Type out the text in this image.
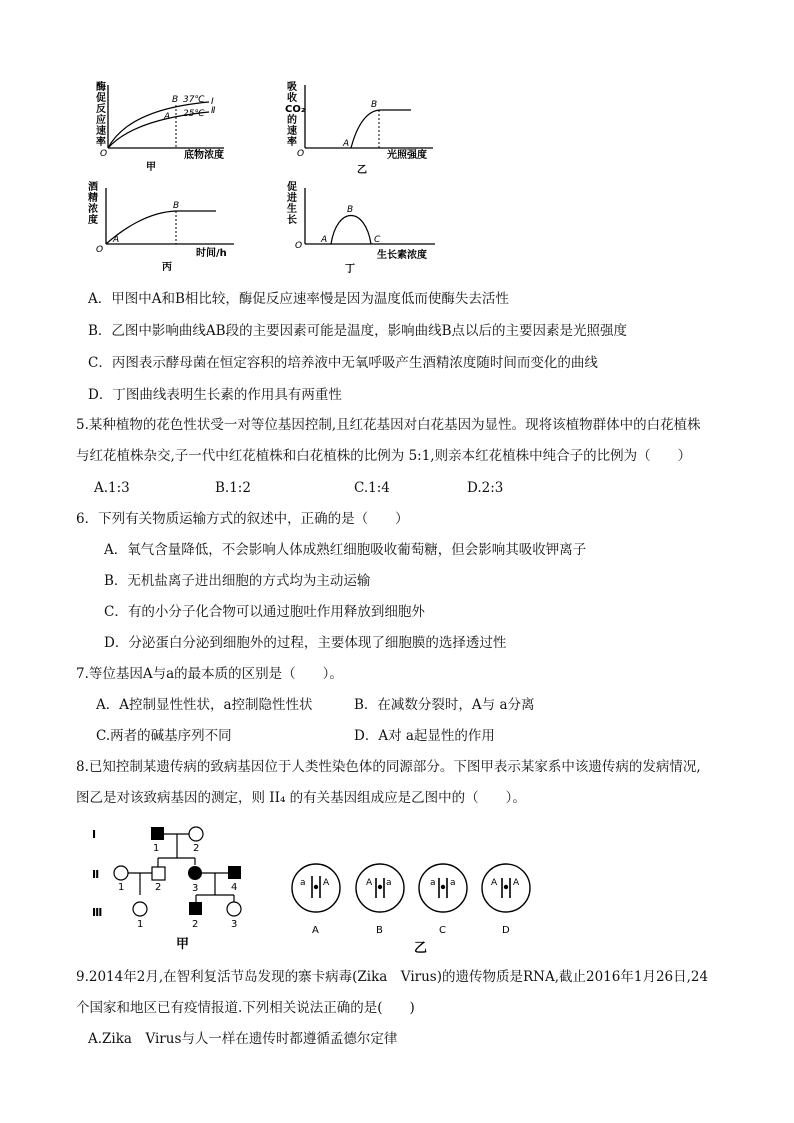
酶
促
反
应
速
率
B
A
37℃
25℃
Ⅰ
Ⅱ
O	底物浓度
甲
吸
收
CO₂
的
速
率	A
B
O	光照强度
乙
酒
精
浓
度
A
B
O	时间/h
丙
促
进
生
长
A
B
C
O
生长素浓度
丁
A．甲图中A和B相比较，酶促反应速率慢是因为温度低而使酶失去活性
B．乙图中影响曲线AB段的主要因素可能是温度，影响曲线B点以后的主要因素是光照强度
C．丙图表示酵母菌在恒定容积的培养液中无氧呼吸产生酒精浓度随时间而变化的曲线
D．丁图曲线表明生长素的作用具有两重性
5.某种植物的花色性状受一对等位基因控制,且红花基因对白花基因为显性。现将该植物群体中的白花植株
与红花植株杂交,子一代中红花植株和白花植株的比例为 5:1,则亲本红花植株中纯合子的比例为（　　）
A.1:3	B.1:2	C.1:4	D.2:3
6．下列有关物质运输方式的叙述中，正确的是（　　）
A．氧气含量降低，不会影响人体成熟红细胞吸收葡萄糖，但会影响其吸收钾离子
B．无机盐离子进出细胞的方式均为主动运输
C．有的小分子化合物可以通过胞吐作用释放到细胞外
D．分泌蛋白分泌到细胞外的过程，主要体现了细胞膜的选择透过性
7.等位基因A与a的最本质的区别是（　　）。
A．A控制显性性状，a控制隐性性状	B．在减数分裂时，A与 a分离
C.两者的碱基序列不同	D．A对 a起显性的作用
8.已知控制某遗传病的致病基因位于人类性染色体的同源部分。下图甲表示某家系中该遗传病的发病情况,
图乙是对该致病基因的测定，则 II₄ 的有关基因组成应是乙图中的（　　）。
Ⅰ
Ⅱ
Ⅲ
1	2
1	2	3	4
1	2	3
甲
a A
A
A a
B
a a
C
A A
D
乙
9.2014年2月,在智利复活节岛发现的寨卡病毒(Zika　Virus)的遗传物质是RNA,截止2016年1月26日,24
个国家和地区已有疫情报道.下列相关说法正确的是(　　)
A.Zika　Virus与人一样在遗传时都遵循孟德尔定律
